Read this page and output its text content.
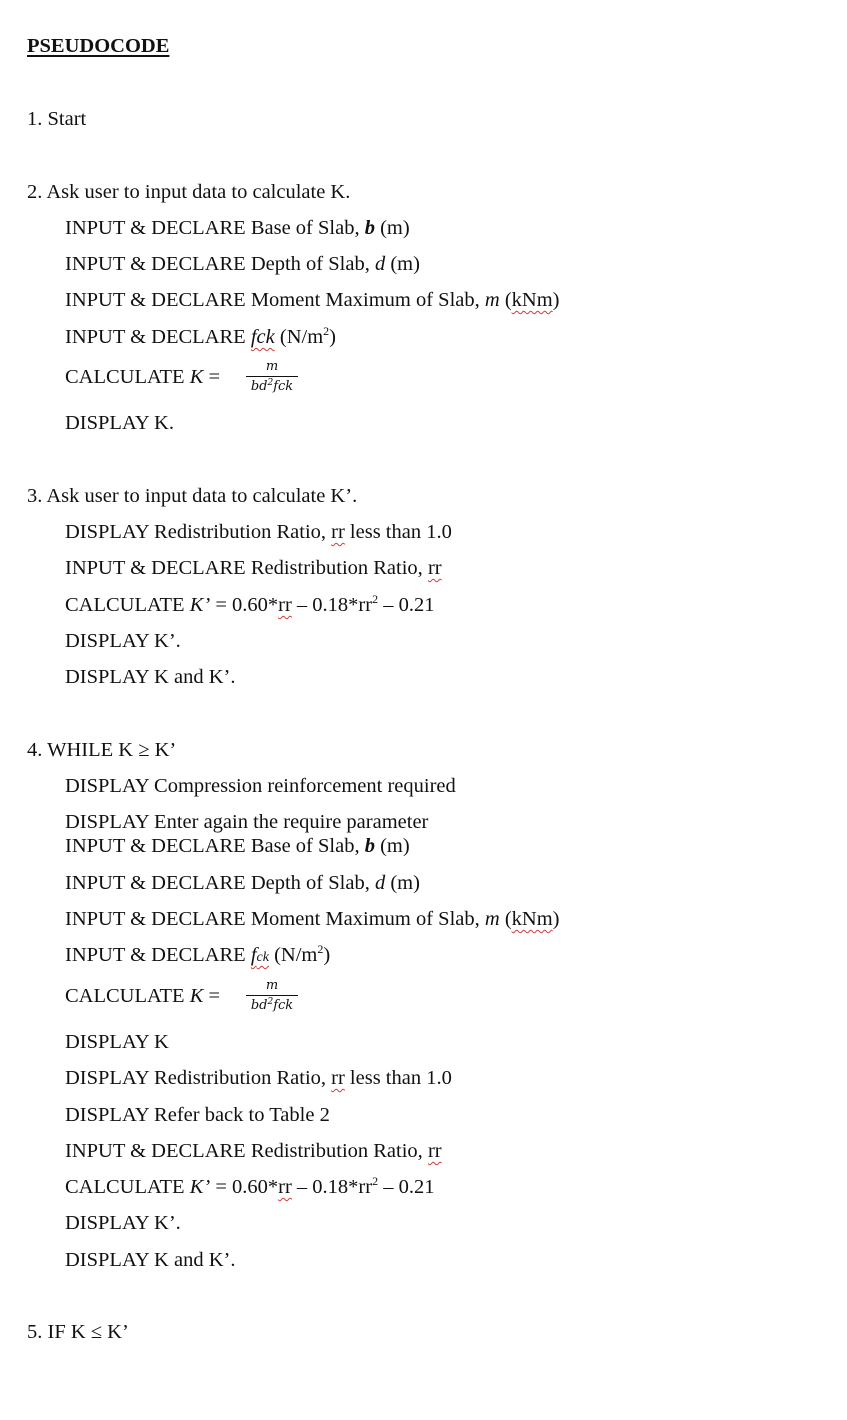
PSEUDOCODE
1. Start
2. Ask user to input data to calculate K.
INPUT & DECLARE Base of Slab, b (m)
INPUT & DECLARE Depth of Slab, d (m)
INPUT & DECLARE Moment Maximum of Slab, m (kNm)
INPUT & DECLARE fck $(N/m^2)$
CALCULATE K =	m
$bd^2fck$
DISPLAY K.
3. Ask user to input data to calculate K’.
DISPLAY Redistribution Ratio, rr less than 1.0
INPUT & DECLARE Redistribution Ratio, rr
CALCULATE K’ = $0.60*rr - 0.18*rr^2 - 0.21$
DISPLAY K’.
DISPLAY K and K’.
4. WHILE K ≥ K’
DISPLAY Compression reinforcement required
DISPLAY Enter again the require parameter
INPUT & DECLARE Base of Slab, b (m)
INPUT & DECLARE Depth of Slab, d (m)
INPUT & DECLARE Moment Maximum of Slab, m (kNm)
INPUT & DECLARE fck $(N/m^2)$
CALCULATE K =	m
$bd^2fck$
DISPLAY K
DISPLAY Redistribution Ratio, rr less than 1.0
DISPLAY Refer back to Table 2
INPUT & DECLARE Redistribution Ratio, rr
CALCULATE K’ = $0.60*rr - 0.18*rr^2 - 0.21$
DISPLAY K’.
DISPLAY K and K’.
5. IF K ≤ K’
